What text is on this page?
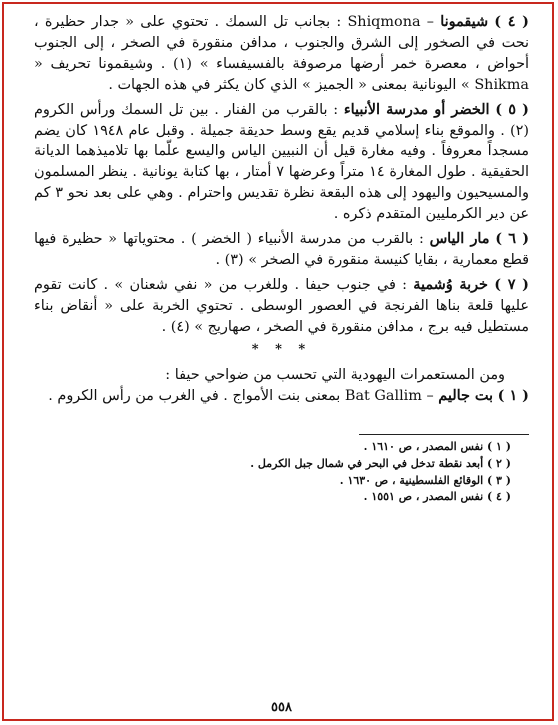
( ٤ ) شيقمونا – Shiqmona : بجانب تل السمك . تحتوي على « جدار حظيرة ، نحت في الصخور إلى الشرق والجنوب ، مدافن منقورة في الصخر ، إلى الجنوب أحواض ، معصرة خمر أرضها مرصوفة بالفسيفساء » (١) . وشيقمونا تحريف « Shikma » اليونانية بمعنى « الجميز » الذي كان يكثر في هذه الجهات .

( ٥ ) الخضر أو مدرسة الأنبياء : بالقرب من الفنار . بين تل السمك ورأس الكروم (٢) . والموقع بناء إسلامي قديم يقع وسط حديقة جميلة . وقبل عام ١٩٤٨ كان يضم مسجداً معروفاً . وفيه مغارة قيل أن النبيين الياس واليسع علّما بها تلاميذهما الديانة الحقيقية . طول المغارة ١٤ متراً وعرضها ٧ أمتار ، بها كتابة يونانية . ينظر المسلمون والمسيحيون واليهود إلى هذه البقعة نظرة تقديس واحترام . وهي على بعد نحو ٣ كم عن دير الكرمليين المتقدم ذكره .

( ٦ ) مار الياس : بالقرب من مدرسة الأنبياء ( الخضر ) . محتوياتها « حظيرة فيها قطع معمارية ، بقايا كنيسة منقورة في الصخر » (٣) .

( ٧ ) خربة وُشمية : في جنوب حيفا . وللغرب من « نفي شعنان » . كانت تقوم عليها قلعة بناها الفرنجة في العصور الوسطى . تحتوي الخربة على « أنقاض بناء مستطيل فيه برج ، مدافن منقورة في الصخر ، صهاريج » (٤) .

* * *

ومن المستعمرات اليهودية التي تحسب من ضواحي حيفا :

( ١ ) بت جاليم – Bat Gallim بمعنى بنت الأمواج . في الغرب من رأس الكروم .

( ١ ) نفس المصدر ، ص ١٦١٠ .
( ٢ ) أبعد نقطة تدخل في البحر في شمال جبل الكرمل .
( ٣ ) الوقائع الفلسطينية ، ص ١٦٣٠ .
( ٤ ) نفس المصدر ، ص ١٥٥١ .
٥٥٨
